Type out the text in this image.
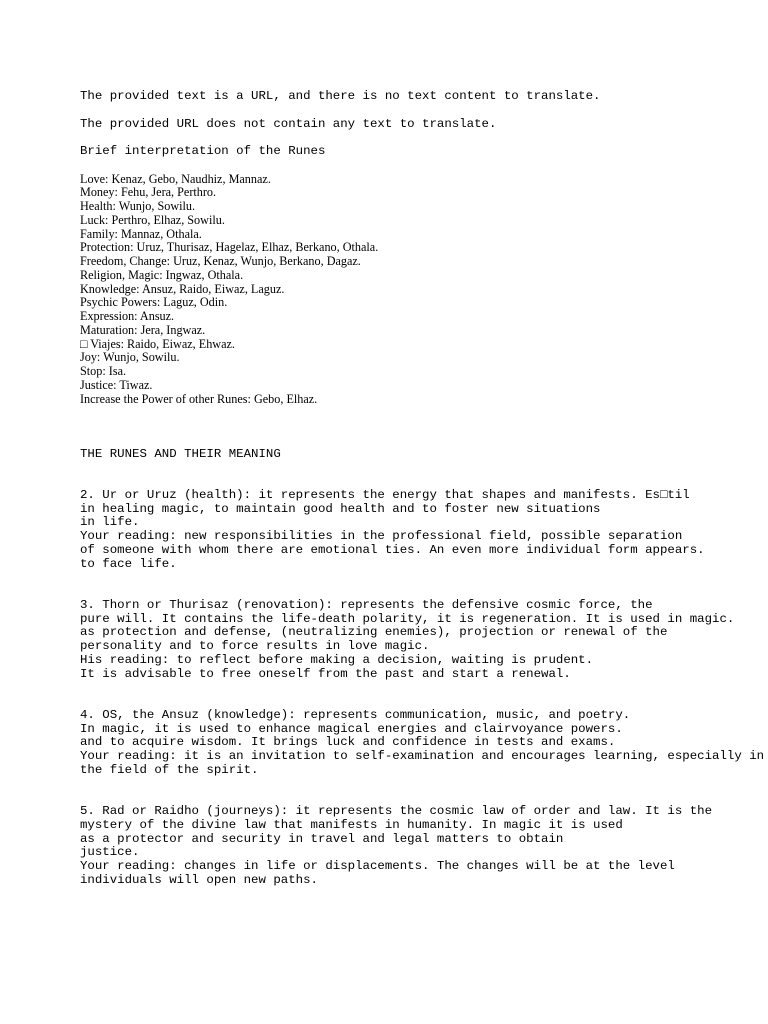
The provided text is a URL, and there is no text content to translate.

The provided URL does not contain any text to translate.

Brief interpretation of the Runes

Love: Kenaz, Gebo, Naudhiz, Mannaz.
Money: Fehu, Jera, Perthro.
Health: Wunjo, Sowilu.
Luck: Perthro, Elhaz, Sowilu.
Family: Mannaz, Othala.
Protection: Uruz, Thurisaz, Hagelaz, Elhaz, Berkano, Othala.
Freedom, Change: Uruz, Kenaz, Wunjo, Berkano, Dagaz.
Religion, Magic: Ingwaz, Othala.
Knowledge: Ansuz, Raido, Eiwaz, Laguz.
Psychic Powers: Laguz, Odin.
Expression: Ansuz.
Maturation: Jera, Ingwaz.
□ Viajes: Raido, Eiwaz, Ehwaz.
Joy: Wunjo, Sowilu.
Stop: Isa.
Justice: Tiwaz.
Increase the Power of other Runes: Gebo, Elhaz.

THE RUNES AND THEIR MEANING

2. Ur or Uruz (health): it represents the energy that shapes and manifests. Es□til
in healing magic, to maintain good health and to foster new situations
in life.
Your reading: new responsibilities in the professional field, possible separation
of someone with whom there are emotional ties. An even more individual form appears.
to face life.
3. Thorn or Thurisaz (renovation): represents the defensive cosmic force, the
pure will. It contains the life-death polarity, it is regeneration. It is used in magic.
as protection and defense, (neutralizing enemies), projection or renewal of the
personality and to force results in love magic.
His reading: to reflect before making a decision, waiting is prudent.
It is advisable to free oneself from the past and start a renewal.
4. OS, the Ansuz (knowledge): represents communication, music, and poetry.
In magic, it is used to enhance magical energies and clairvoyance powers.
and to acquire wisdom. It brings luck and confidence in tests and exams.
Your reading: it is an invitation to self-examination and encourages learning, especially in
the field of the spirit.
5. Rad or Raidho (journeys): it represents the cosmic law of order and law. It is the
mystery of the divine law that manifests in humanity. In magic it is used
as a protector and security in travel and legal matters to obtain
justice.
Your reading: changes in life or displacements. The changes will be at the level
individuals will open new paths.
